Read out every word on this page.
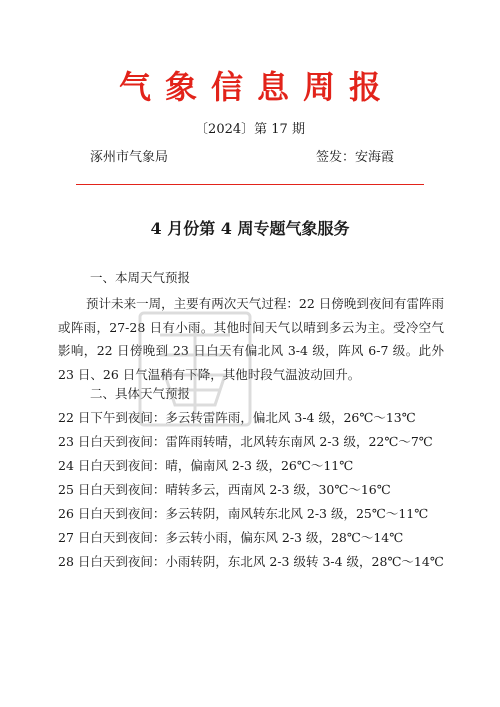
气象信息周报
〔2024〕第 17 期
涿州市气象局	签发：安海霞
4 月份第 4 周专题气象服务
一、本周天气预报
预计未来一周，主要有两次天气过程：22 日傍晚到夜间有雷阵雨或阵雨，27-28 日有小雨。其他时间天气以晴到多云为主。受冷空气影响，22 日傍晚到 23 日白天有偏北风 3-4 级，阵风 6-7 级。此外 23 日、26 日气温稍有下降，其他时段气温波动回升。
二、具体天气预报
22 日下午到夜间：多云转雷阵雨，偏北风 3-4 级，26℃～13℃
23 日白天到夜间：雷阵雨转晴，北风转东南风 2-3 级，22℃～7℃
24 日白天到夜间：晴，偏南风 2-3 级，26℃～11℃
25 日白天到夜间：晴转多云，西南风 2-3 级，30℃～16℃
26 日白天到夜间：多云转阴，南风转东北风 2-3 级，25℃～11℃
27 日白天到夜间：多云转小雨，偏东风 2-3 级，28℃～14℃
28 日白天到夜间：小雨转阴，东北风 2-3 级转 3-4 级，28℃～14℃
